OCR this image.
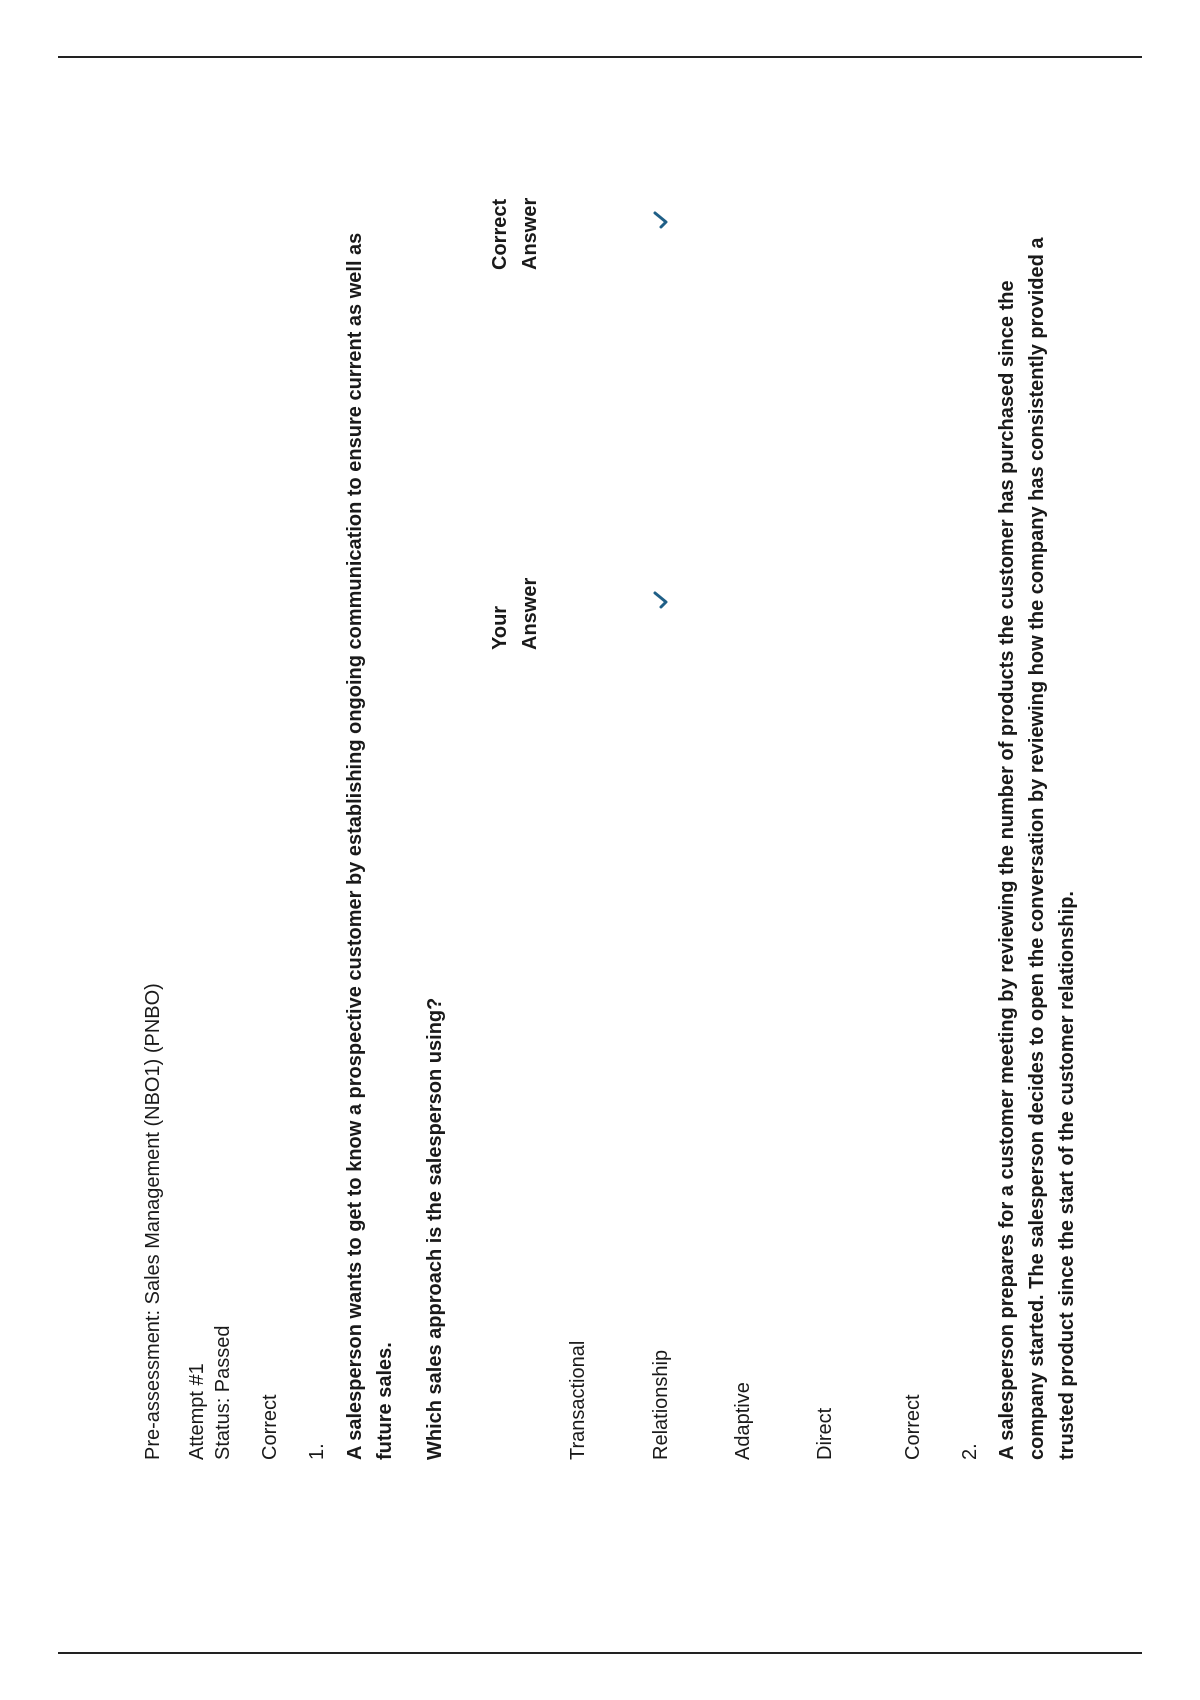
Pre-assessment: Sales Management (NBO1) (PNBO) Attempt #1 Status: Passed Correct 1. A salesperson wants to get to know a prospective customer by establishing ongoing communication to ensure current as well as future sales. Which sales approach is the salesperson using?
Your Answer
Correct Answer
Transactional	Relationship	Adaptive	Direct	Correct 2. A salesperson prepares for a customer meeting by reviewing the number of products the customer has purchased since the company started. The salesperson decides to open the conversation by reviewing how the company has consistently provided a trusted product since the start of the customer relationship.
